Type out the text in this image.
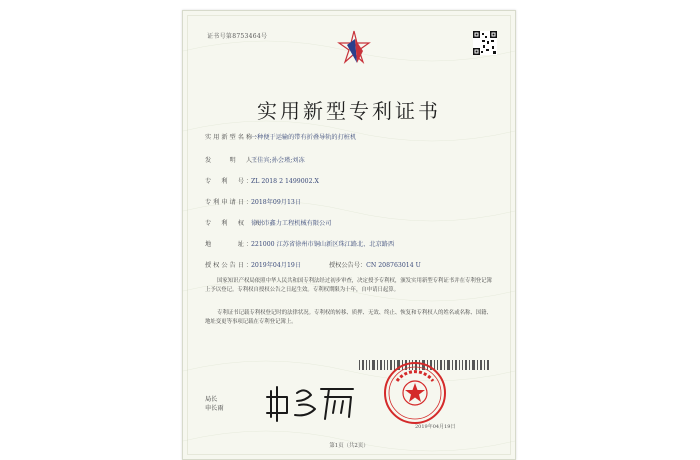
证书号第8753464号
实用新型专利证书
实用新型名称：一种便于运输的带有折叠导轨的打桩机
发　　明　人：王佳宾;孙会瑾;刘冻
专　利　号：ZL 2018 2 1499002.X
专利申请日：2018年09月13日
专　利　权　人：徐州市鑫力工程机械有限公司
地　　　址：221000 江苏省徐州市铜山新区珠江路北、北京路西
授权公告日：2019年04月19日	授权公告号：CN 208763014 U
国家知识产权局依照中华人民共和国专利法经过初步审查，决定授予专利权，颁发实用新型专利证书并在专利登记簿上予以登记。专利权自授权公告之日起生效。专利权期限为十年，自申请日起算。
专利证书记载专利权登记时的法律状况。专利权的转移、质押、无效、终止、恢复和专利权人的姓名或名称、国籍、地址变更等事项记载在专利登记簿上。
局长
申长雨
2019年04月19日
第1页（共2页）
